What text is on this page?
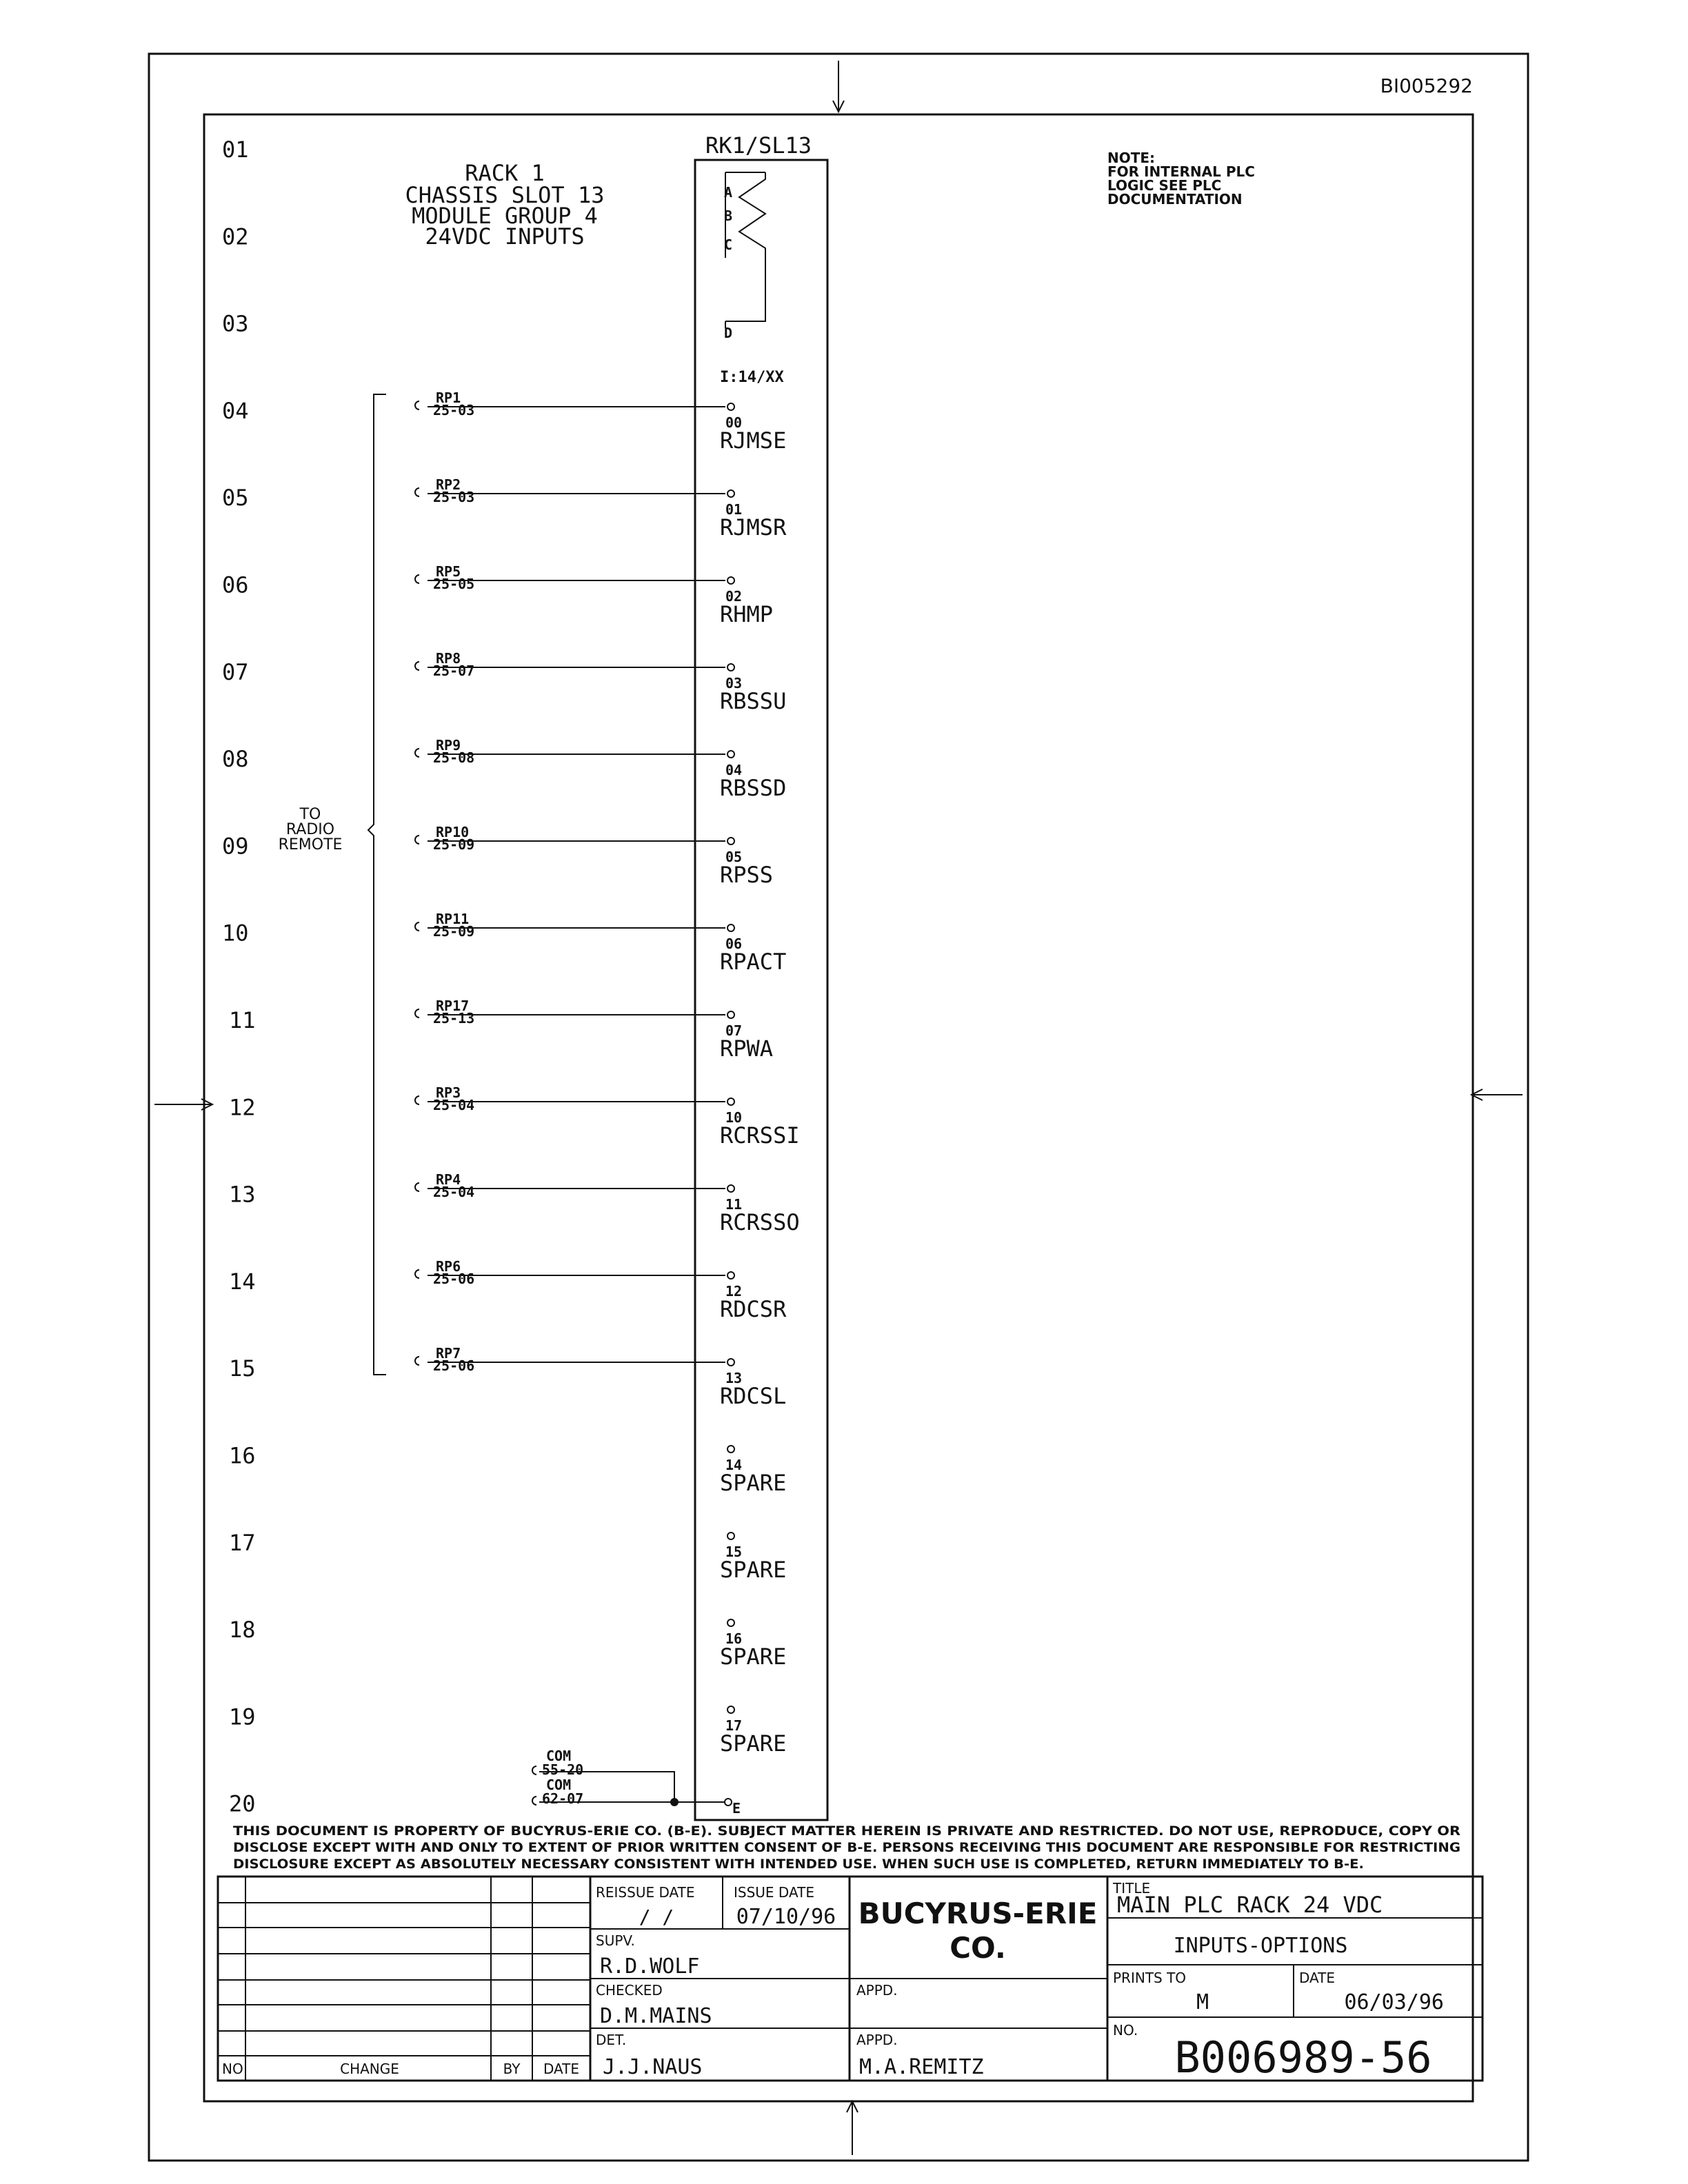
BI005292
RACK 1
CHASSIS SLOT 13
MODULE GROUP 4
24VDC INPUTS
NOTE:
FOR INTERNAL PLC
LOGIC SEE PLC
DOCUMENTATION
RK1/SL13
A
B
C
D
I:14/XX
01
02
03
04
05
06
07
08
09
10
11
12
13
14
15
16
17
18
19
20
RP1
25-03
00
RJMSE
RP2
25-03
01
RJMSR
RP5
25-05
02
RHMP
RP8
25-07
03
RBSSU
RP9
25-08
04
RBSSD
RP10
25-09
05
RPSS
RP11
25-09
06
RPACT
RP17
25-13
07
RPWA
RP3
25-04
10
RCRSSI
RP4
25-04
11
RCRSSO
RP6
25-06
12
RDCSR
RP7
25-06
13
RDCSL
14
SPARE
15
SPARE
16
SPARE
17
SPARE
TO
RADIO
REMOTE
COM
55-20
COM
62-07
E
THIS DOCUMENT IS PROPERTY OF BUCYRUS-ERIE CO. (B-E). SUBJECT MATTER HEREIN IS PRIVATE AND RESTRICTED. DO NOT USE, REPRODUCE, COPY OR
DISCLOSE EXCEPT WITH AND ONLY TO EXTENT OF PRIOR WRITTEN CONSENT OF B-E. PERSONS RECEIVING THIS DOCUMENT ARE RESPONSIBLE FOR RESTRICTING
DISCLOSURE EXCEPT AS ABSOLUTELY NECESSARY CONSISTENT WITH INTENDED USE. WHEN SUCH USE IS COMPLETED, RETURN IMMEDIATELY TO B-E.
NO	CHANGE	BY DATE
REISSUE DATE
/ /
ISSUE DATE
07/10/96
SUPV.
R.D.WOLF
CHECKED
D.M.MAINS
DET.
J.J.NAUS
BUCYRUS-ERIE
CO.
APPD.
APPD.
M.A.REMITZ
TITLE
MAIN PLC RACK 24 VDC
INPUTS-OPTIONS
PRINTS TO
M
DATE
06/03/96
NO.
B006989-56
